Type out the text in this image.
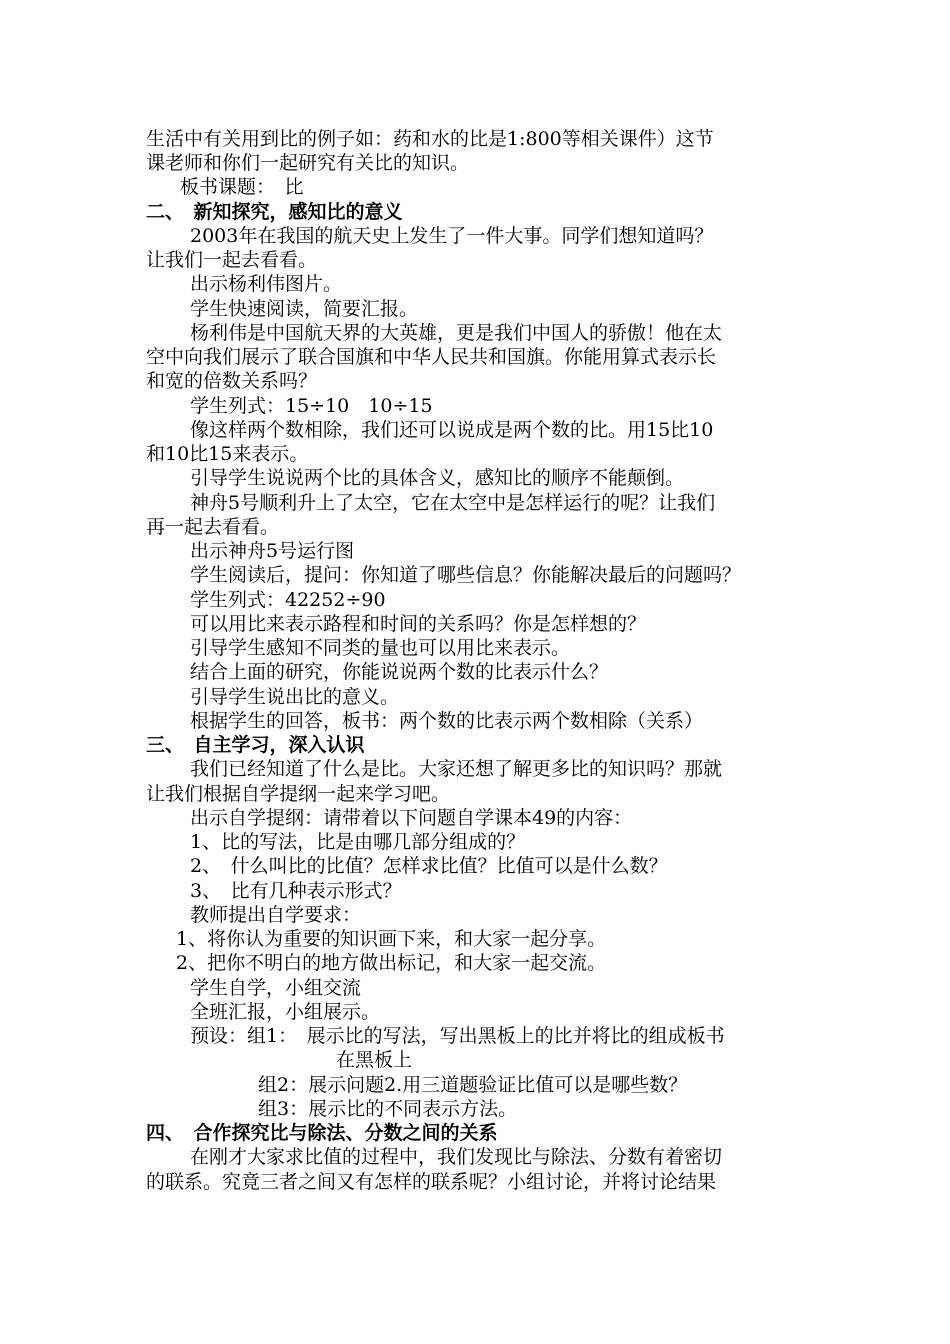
生活中有关用到比的例子如：药和水的比是1:800等相关课件）这节
课老师和你们一起研究有关比的知识。
板书课题：　比
二、　新知探究，感知比的意义
2003年在我国的航天史上发生了一件大事。同学们想知道吗？
让我们一起去看看。
出示杨利伟图片。
学生快速阅读，简要汇报。
杨利伟是中国航天界的大英雄，更是我们中国人的骄傲！他在太
空中向我们展示了联合国旗和中华人民共和国旗。你能用算式表示长
和宽的倍数关系吗？
学生列式：15÷10　10÷15
像这样两个数相除，我们还可以说成是两个数的比。用15比10
和10比15来表示。
引导学生说说两个比的具体含义，感知比的顺序不能颠倒。
神舟5号顺利升上了太空，它在太空中是怎样运行的呢？让我们
再一起去看看。
出示神舟5号运行图
学生阅读后，提问：你知道了哪些信息？你能解决最后的问题吗？
学生列式：42252÷90
可以用比来表示路程和时间的关系吗？你是怎样想的？
引导学生感知不同类的量也可以用比来表示。
结合上面的研究，你能说说两个数的比表示什么？
引导学生说出比的意义。
根据学生的回答，板书：两个数的比表示两个数相除（关系）
三、　自主学习，深入认识
我们已经知道了什么是比。大家还想了解更多比的知识吗？那就
让我们根据自学提纲一起来学习吧。
出示自学提纲：请带着以下问题自学课本49的内容：
1、比的写法，比是由哪几部分组成的？
2、　什么叫比的比值？怎样求比值？比值可以是什么数？
3、　比有几种表示形式？
教师提出自学要求：
1、将你认为重要的知识画下来，和大家一起分享。
2、把你不明白的地方做出标记，和大家一起交流。
学生自学，小组交流
全班汇报，小组展示。
预设：组1：　展示比的写法，写出黑板上的比并将比的组成板书
在黑板上
组2：展示问题2.用三道题验证比值可以是哪些数？
组3：展示比的不同表示方法。
四、　合作探究比与除法、分数之间的关系
在刚才大家求比值的过程中，我们发现比与除法、分数有着密切
的联系。究竟三者之间又有怎样的联系呢？小组讨论，并将讨论结果
